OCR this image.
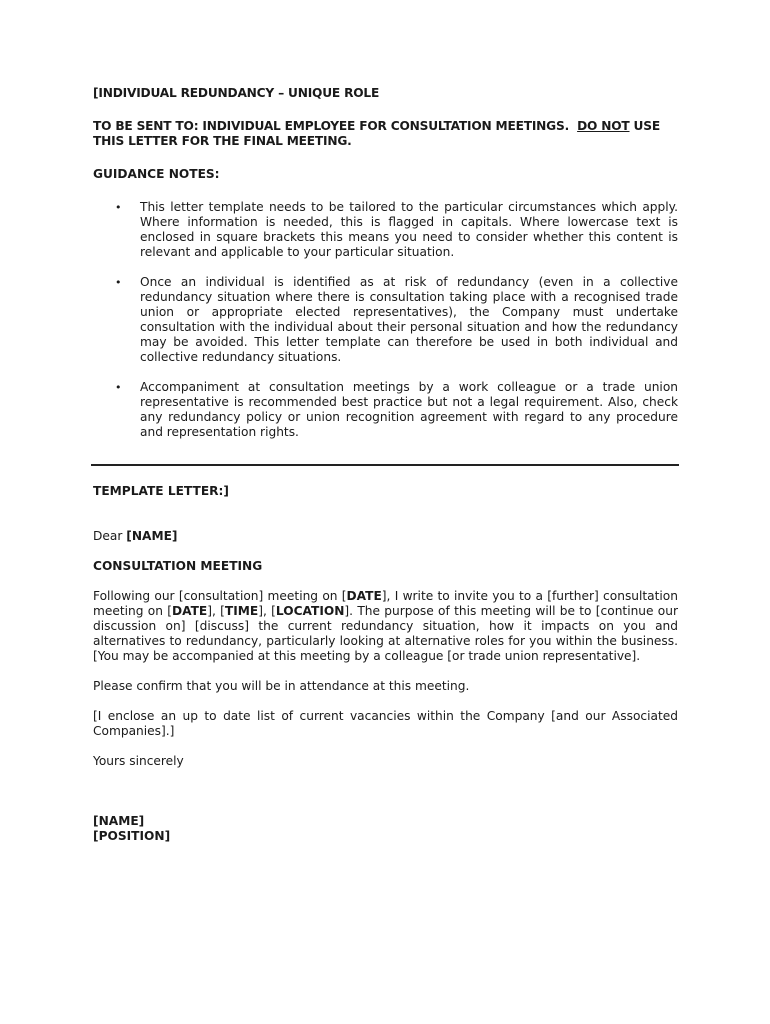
[INDIVIDUAL REDUNDANCY – UNIQUE ROLE

TO BE SENT TO: INDIVIDUAL EMPLOYEE FOR CONSULTATION MEETINGS. DO NOT USE THIS LETTER FOR THE FINAL MEETING.

GUIDANCE NOTES:

• This letter template needs to be tailored to the particular circumstances which apply. Where information is needed, this is flagged in capitals. Where lowercase text is enclosed in square brackets this means you need to consider whether this content is relevant and applicable to your particular situation.
• Once an individual is identified as at risk of redundancy (even in a collective redundancy situation where there is consultation taking place with a recognised trade union or appropriate elected representatives), the Company must undertake consultation with the individual about their personal situation and how the redundancy may be avoided. This letter template can therefore be used in both individual and collective redundancy situations.
• Accompaniment at consultation meetings by a work colleague or a trade union representative is recommended best practice but not a legal requirement. Also, check any redundancy policy or union recognition agreement with regard to any procedure and representation rights.

TEMPLATE LETTER:]

Dear [NAME]

CONSULTATION MEETING

Following our [consultation] meeting on [DATE], I write to invite you to a [further] consultation meeting on [DATE], [TIME], [LOCATION]. The purpose of this meeting will be to [continue our discussion on] [discuss] the current redundancy situation, how it impacts on you and alternatives to redundancy, particularly looking at alternative roles for you within the business. [You may be accompanied at this meeting by a colleague [or trade union representative].

Please confirm that you will be in attendance at this meeting.

[I enclose an up to date list of current vacancies within the Company [and our Associated Companies].]

Yours sincerely

[NAME]

[POSITION]
